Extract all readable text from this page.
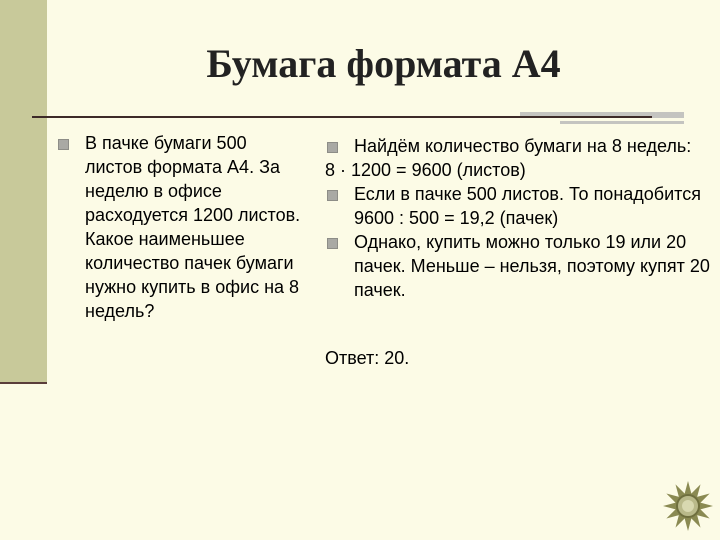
Бумага формата А4
В пачке бумаги 500 листов формата А4. За неделю в офисе расходуется 1200 листов. Какое наименьшее количество пачек бумаги нужно купить в офис на 8 недель?
Найдём количество бумаги на 8 недель:

8 · 1200 = 9600 (листов)

Если в пачке 500 листов. То понадобится 9600 : 500 = 19,2 (пачек)
Однако, купить можно только 19 или 20 пачек. Меньше – нельзя, поэтому купят 20 пачек.

Ответ: 20.
